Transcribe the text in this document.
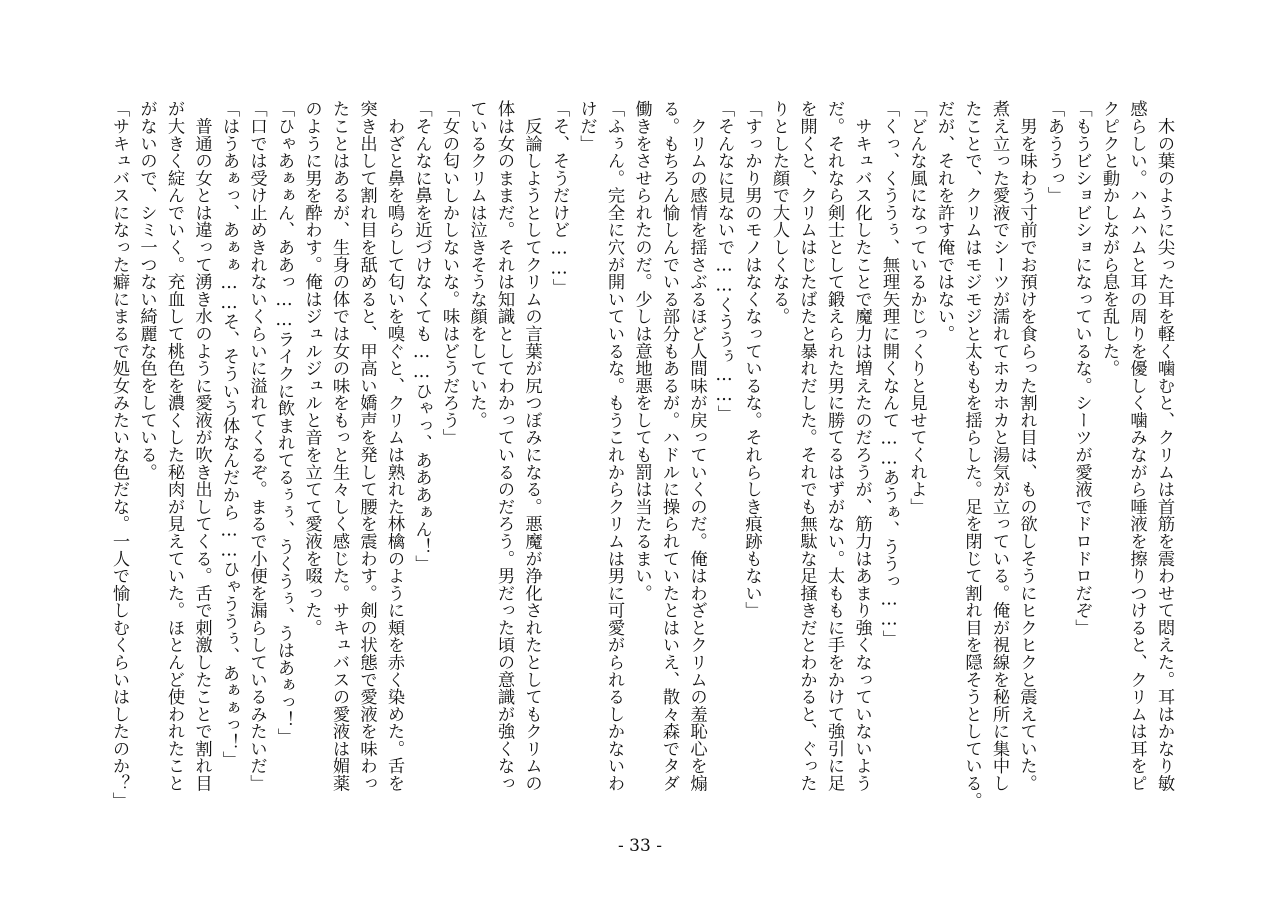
　木の葉のように尖った耳を軽く噛むと、クリムは首筋を震わせて悶えた。耳はかなり敏
感らしい。ハムハムと耳の周りを優しく噛みながら唾液を擦りつけると、クリムは耳をピ
クピクと動かしながら息を乱した。
「もうビショビショになっているな。シーツが愛液でドロドロだぞ」
「あううっ」
　男を味わう寸前でお預けを食らった割れ目は、もの欲しそうにヒクヒクと震えていた。
煮え立った愛液でシーツが濡れてホカホカと湯気が立っている。俺が視線を秘所に集中し
たことで、クリムはモジモジと太ももを揺らした。足を閉じて割れ目を隠そうとしている。
だが、それを許す俺ではない。
「どんな風になっているかじっくりと見せてくれよ」
「くっ、くううぅ、無理矢理に開くなんて……あうぁ、ううっ……」
　サキュバス化したことで魔力は増えたのだろうが、筋力はあまり強くなっていないよう
だ。それなら剣士として鍛えられた男に勝てるはずがない。太ももに手をかけて強引に足
を開くと、クリムはじたばたと暴れだした。それでも無駄な足掻きだとわかると、ぐった
りとした顔で大人しくなる。
「すっかり男のモノはなくなっているな。それらしき痕跡もない」
「そんなに見ないで……くううぅ……」
　クリムの感情を揺さぶるほど人間味が戻っていくのだ。俺はわざとクリムの羞恥心を煽
る。もちろん愉しんでいる部分もあるが。ハドルに操られていたとはいえ、散々森でタダ
働きをさせられたのだ。少しは意地悪をしても罰は当たるまい。
「ふぅん。完全に穴が開いているな。もうこれからクリムは男に可愛がられるしかないわ
けだ」
「そ、そうだけど……」
　反論しようとしてクリムの言葉が尻つぼみになる。悪魔が浄化されたとしてもクリムの
体は女のままだ。それは知識としてわかっているのだろう。男だった頃の意識が強くなっ
ているクリムは泣きそうな顔をしていた。
「女の匂いしかしないな。味はどうだろう」
「そんなに鼻を近づけなくても……ひゃっ、あああぁん！」
　わざと鼻を鳴らして匂いを嗅ぐと、クリムは熟れた林檎のように頬を赤く染めた。舌を
突き出して割れ目を舐めると、甲高い嬌声を発して腰を震わす。剣の状態で愛液を味わっ
たことはあるが、生身の体では女の味をもっと生々しく感じた。サキュバスの愛液は媚薬
のように男を酔わす。俺はジュルジュルと音を立てて愛液を啜った。
「ひゃあぁぁん、ああっ……ライクに飲まれてるぅぅ、うくうぅ、うはあぁっ！」
「口では受け止めきれないくらいに溢れてくるぞ。まるで小便を漏らしているみたいだ」
「はうあぁっ、あぁぁ……そ、そういう体なんだから……ひゃううぅ、あぁぁっ！」
　普通の女とは違って湧き水のように愛液が吹き出してくる。舌で刺激したことで割れ目
が大きく綻んでいく。充血して桃色を濃くした秘肉が見えていた。ほとんど使われたこと
がないので、シミ一つない綺麗な色をしている。
「サキュバスになった癖にまるで処女みたいな色だな。一人で愉しむくらいはしたのか？」
- 33 -
